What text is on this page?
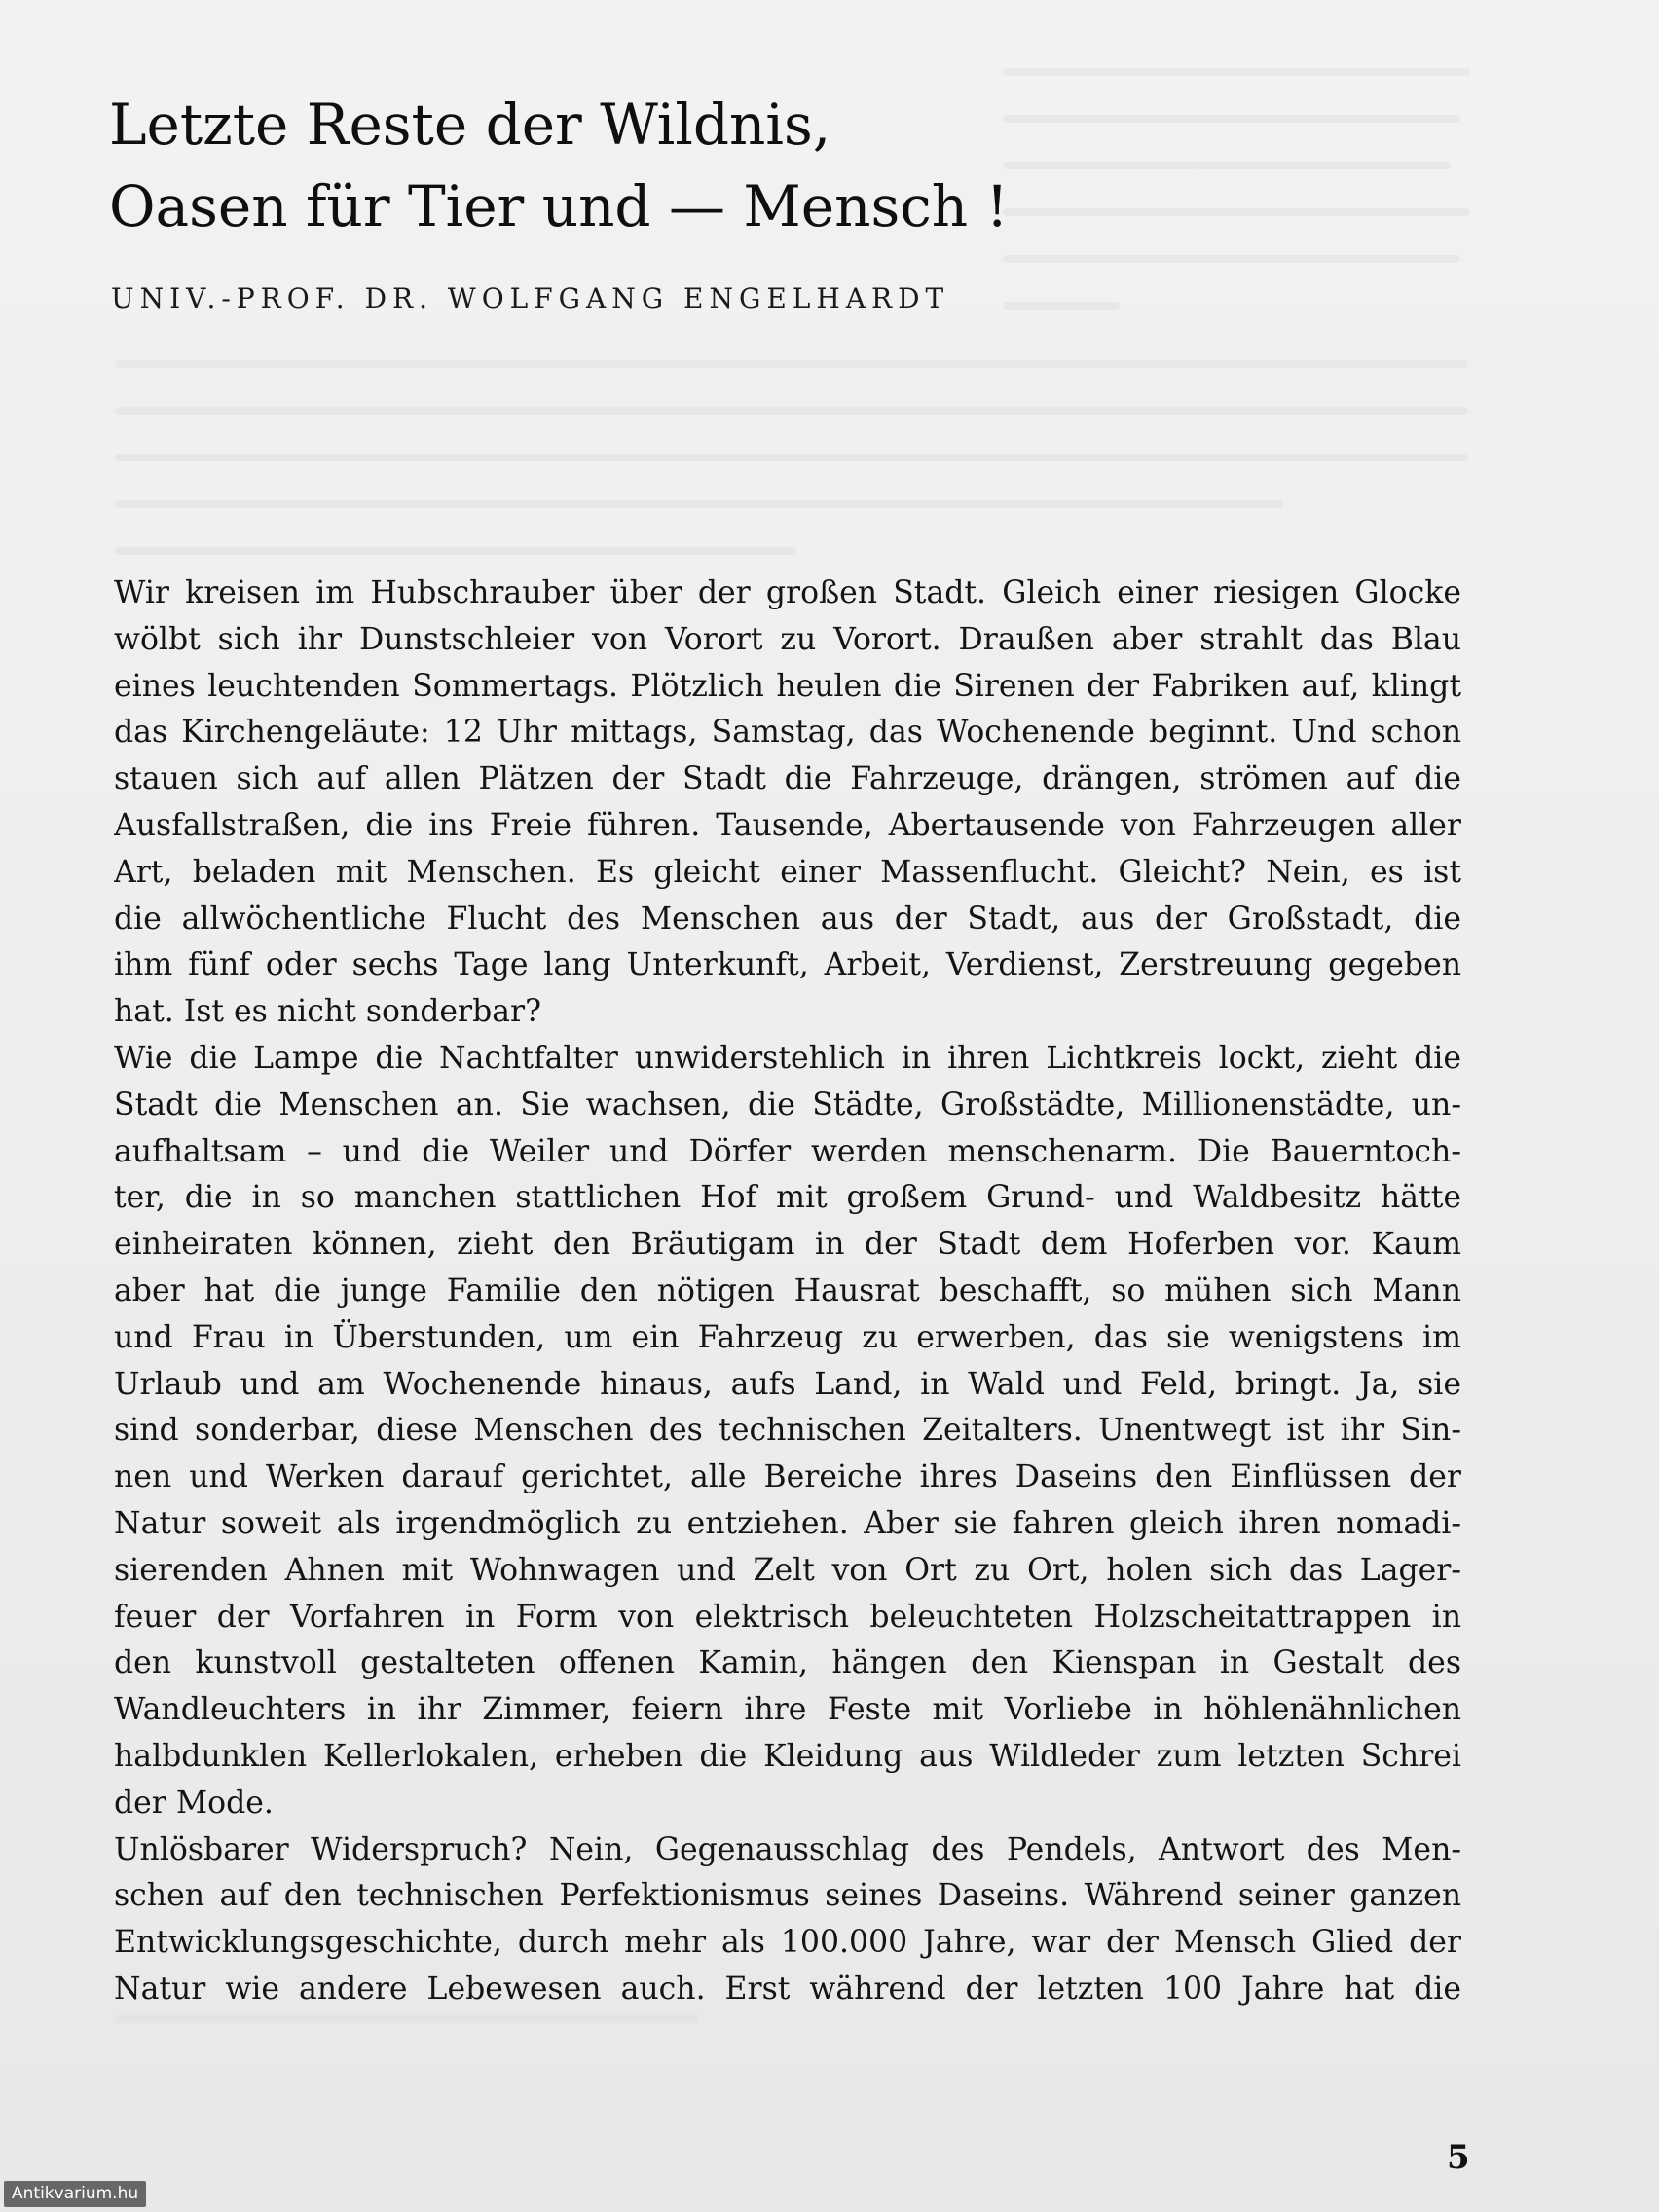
Letzte Reste der Wildnis,
Oasen für Tier und — Mensch !
UNIV.-PROF. DR. WOLFGANG ENGELHARDT
Wir kreisen im Hubschrauber über der großen Stadt. Gleich einer riesigen Glocke
wölbt sich ihr Dunstschleier von Vorort zu Vorort. Draußen aber strahlt das Blau
eines leuchtenden Sommertags. Plötzlich heulen die Sirenen der Fabriken auf, klingt
das Kirchengeläute: 12 Uhr mittags, Samstag, das Wochenende beginnt. Und schon
stauen sich auf allen Plätzen der Stadt die Fahrzeuge, drängen, strömen auf die
Ausfallstraßen, die ins Freie führen. Tausende, Abertausende von Fahrzeugen aller
Art, beladen mit Menschen. Es gleicht einer Massenflucht. Gleicht? Nein, es ist
die allwöchentliche Flucht des Menschen aus der Stadt, aus der Großstadt, die
ihm fünf oder sechs Tage lang Unterkunft, Arbeit, Verdienst, Zerstreuung gegeben
hat. Ist es nicht sonderbar?
Wie die Lampe die Nachtfalter unwiderstehlich in ihren Lichtkreis lockt, zieht die
Stadt die Menschen an. Sie wachsen, die Städte, Großstädte, Millionenstädte, un-
aufhaltsam – und die Weiler und Dörfer werden menschenarm. Die Bauerntoch-
ter, die in so manchen stattlichen Hof mit großem Grund- und Waldbesitz hätte
einheiraten können, zieht den Bräutigam in der Stadt dem Hoferben vor. Kaum
aber hat die junge Familie den nötigen Hausrat beschafft, so mühen sich Mann
und Frau in Überstunden, um ein Fahrzeug zu erwerben, das sie wenigstens im
Urlaub und am Wochenende hinaus, aufs Land, in Wald und Feld, bringt. Ja, sie
sind sonderbar, diese Menschen des technischen Zeitalters. Unentwegt ist ihr Sin-
nen und Werken darauf gerichtet, alle Bereiche ihres Daseins den Einflüssen der
Natur soweit als irgendmöglich zu entziehen. Aber sie fahren gleich ihren nomadi-
sierenden Ahnen mit Wohnwagen und Zelt von Ort zu Ort, holen sich das Lager-
feuer der Vorfahren in Form von elektrisch beleuchteten Holzscheitattrappen in
den kunstvoll gestalteten offenen Kamin, hängen den Kienspan in Gestalt des
Wandleuchters in ihr Zimmer, feiern ihre Feste mit Vorliebe in höhlenähnlichen
halbdunklen Kellerlokalen, erheben die Kleidung aus Wildleder zum letzten Schrei
der Mode.
Unlösbarer Widerspruch? Nein, Gegenausschlag des Pendels, Antwort des Men-
schen auf den technischen Perfektionismus seines Daseins. Während seiner ganzen
Entwicklungsgeschichte, durch mehr als 100.000 Jahre, war der Mensch Glied der
Natur wie andere Lebewesen auch. Erst während der letzten 100 Jahre hat die
5
Antikvarium.hu
